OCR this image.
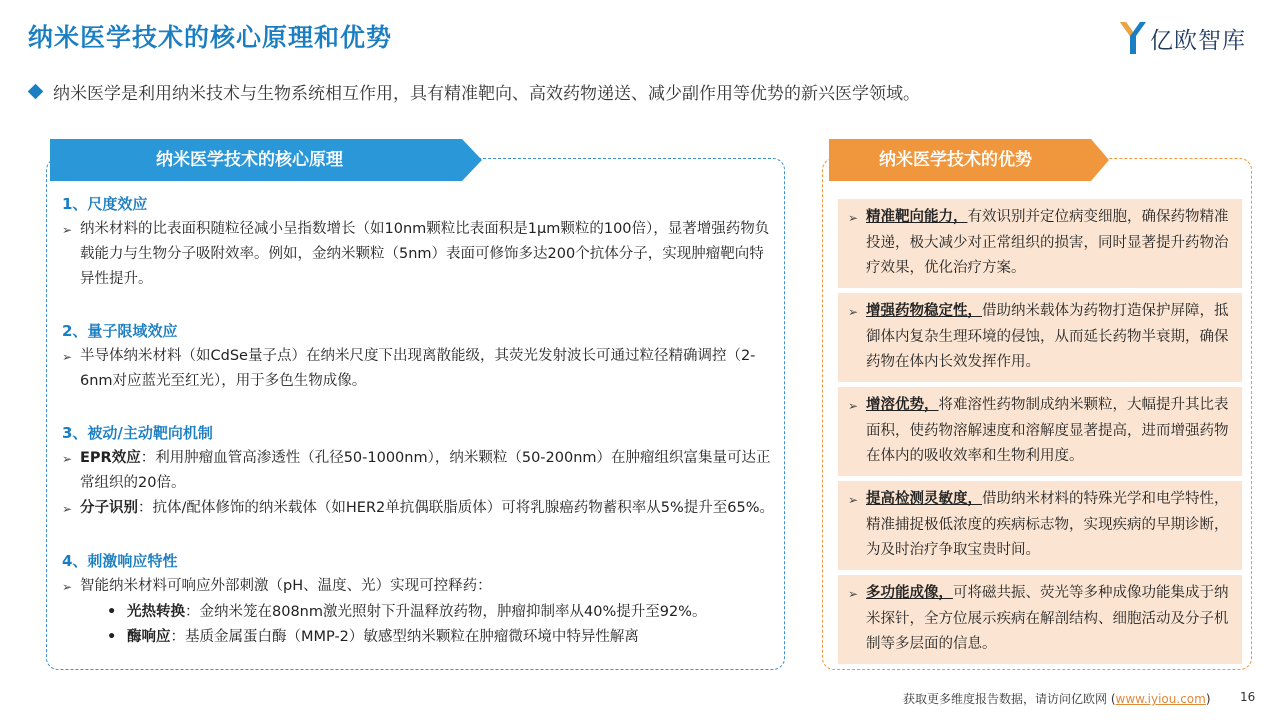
纳米医学技术的核心原理和优势	亿欧智库
纳米医学是利用纳米技术与生物系统相互作用，具有精准靶向、高效药物递送、减少副作用等优势的新兴医学领域。
纳米医学技术的核心原理
1、尺度效应
➢ 纳米材料的比表面积随粒径减小呈指数增长（如10nm颗粒比表面积是1μm颗粒的100倍），显著增强药物负载能力与生物分子吸附效率。例如，金纳米颗粒（5nm）表面可修饰多达200个抗体分子，实现肿瘤靶向特异性提升。
2、量子限域效应
➢ 半导体纳米材料（如CdSe量子点）在纳米尺度下出现离散能级，其荧光发射波长可通过粒径精确调控（2-6nm对应蓝光至红光），用于多色生物成像。
3、被动/主动靶向机制
➢ EPR效应：利用肿瘤血管高渗透性（孔径50-1000nm），纳米颗粒（50-200nm）在肿瘤组织富集量可达正常组织的20倍。
➢ 分子识别：抗体/配体修饰的纳米载体（如HER2单抗偶联脂质体）可将乳腺癌药物蓄积率从5%提升至65%。
4、刺激响应特性
➢ 智能纳米材料可响应外部刺激（pH、温度、光）实现可控释药：
• 光热转换：金纳米笼在808nm激光照射下升温释放药物，肿瘤抑制率从40%提升至92%。
• 酶响应：基质金属蛋白酶（MMP-2）敏感型纳米颗粒在肿瘤微环境中特异性解离
纳米医学技术的优势
➢ 精准靶向能力，有效识别并定位病变细胞，确保药物精准投递，极大减少对正常组织的损害，同时显著提升药物治疗效果，优化治疗方案。
➢ 增强药物稳定性，借助纳米载体为药物打造保护屏障，抵御体内复杂生理环境的侵蚀，从而延长药物半衰期，确保药物在体内长效发挥作用。
➢ 增溶优势，将难溶性药物制成纳米颗粒，大幅提升其比表面积，使药物溶解速度和溶解度显著提高，进而增强药物在体内的吸收效率和生物利用度。
➢ 提高检测灵敏度，借助纳米材料的特殊光学和电学特性，精准捕捉极低浓度的疾病标志物，实现疾病的早期诊断，为及时治疗争取宝贵时间。
➢ 多功能成像，可将磁共振、荧光等多种成像功能集成于纳米探针，全方位展示疾病在解剖结构、细胞活动及分子机制等多层面的信息。
获取更多维度报告数据，请访问亿欧网 (www.iyiou.com) 16
